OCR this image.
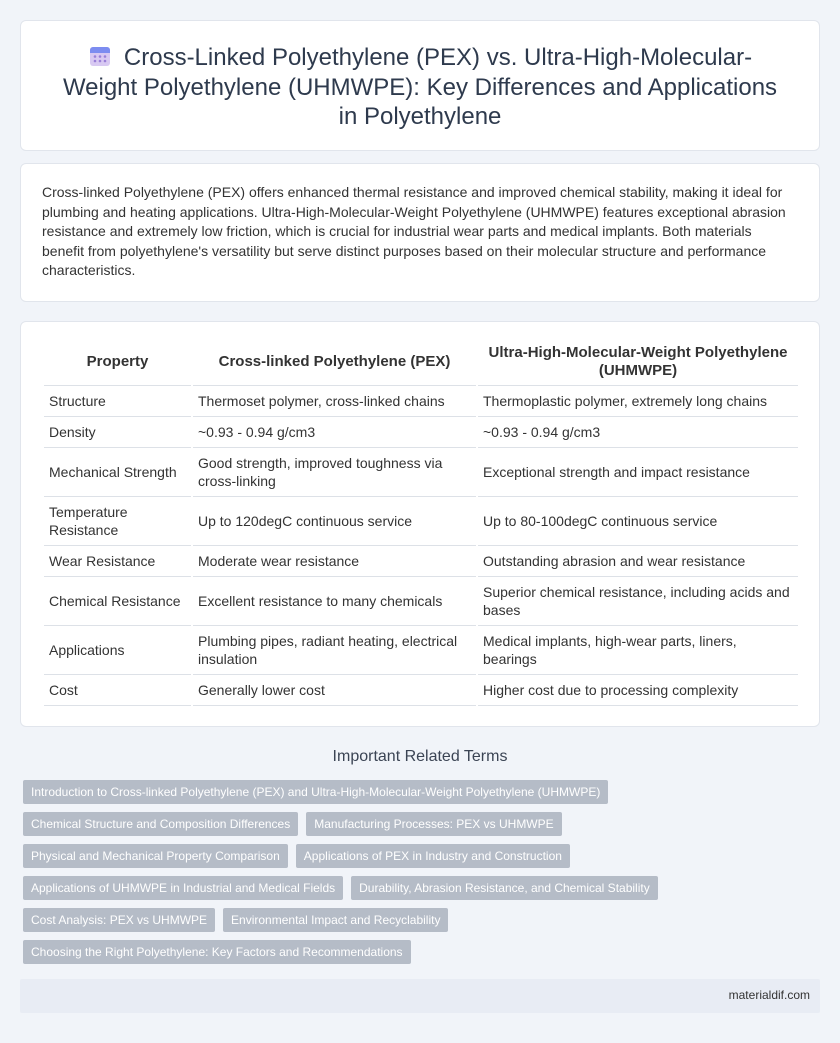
Cross-Linked Polyethylene (PEX) vs. Ultra-High-Molecular-Weight Polyethylene (UHMWPE): Key Differences and Applications in Polyethylene

Cross-linked Polyethylene (PEX) offers enhanced thermal resistance and improved chemical stability, making it ideal for plumbing and heating applications. Ultra-High-Molecular-Weight Polyethylene (UHMWPE) features exceptional abrasion resistance and extremely low friction, which is crucial for industrial wear parts and medical implants. Both materials benefit from polyethylene's versatility but serve distinct purposes based on their molecular structure and performance characteristics.

Property	Cross-linked Polyethylene (PEX)	Ultra-High-Molecular-Weight Polyethylene (UHMWPE)
Structure	Thermoset polymer, cross-linked chains	Thermoplastic polymer, extremely long chains
Density	~0.93 - 0.94 g/cm3	~0.93 - 0.94 g/cm3
Mechanical Strength	Good strength, improved toughness via cross-linking	Exceptional strength and impact resistance
Temperature Resistance	Up to 120degC continuous service	Up to 80-100degC continuous service
Wear Resistance	Moderate wear resistance	Outstanding abrasion and wear resistance
Chemical Resistance	Excellent resistance to many chemicals	Superior chemical resistance, including acids and bases
Applications	Plumbing pipes, radiant heating, electrical insulation	Medical implants, high-wear parts, liners, bearings
Cost	Generally lower cost	Higher cost due to processing complexity
Important Related Terms
Introduction to Cross-linked Polyethylene (PEX) and Ultra-High-Molecular-Weight Polyethylene (UHMWPE)
Chemical Structure and Composition Differences	Manufacturing Processes: PEX vs UHMWPE
Physical and Mechanical Property Comparison	Applications of PEX in Industry and Construction
Applications of UHMWPE in Industrial and Medical Fields	Durability, Abrasion Resistance, and Chemical Stability
Cost Analysis: PEX vs UHMWPE	Environmental Impact and Recyclability
Choosing the Right Polyethylene: Key Factors and Recommendations
materialdif.com
